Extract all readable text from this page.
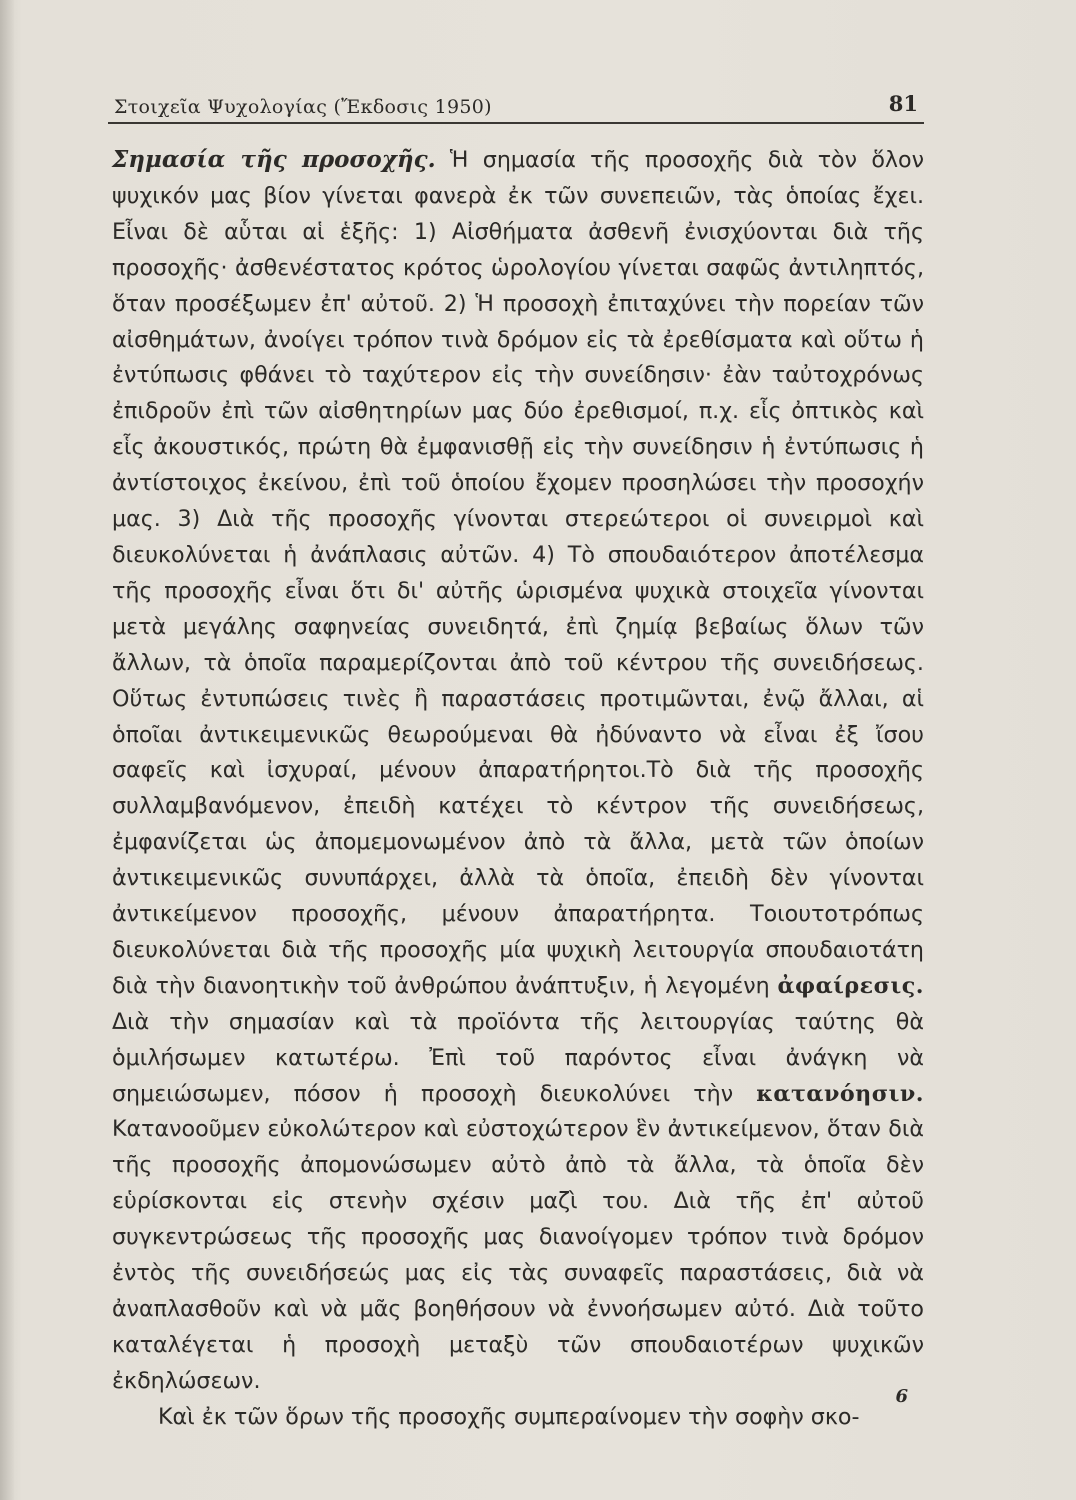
Στοιχεῖα Ψυχολογίας (Ἔκδοσις 1950)	81

Σημασία τῆς προσοχῆς. Ἡ σημασία τῆς προσοχῆς διὰ τὸν ὅλον ψυχικόν μας βίον γίνεται φανερὰ ἐκ τῶν συνεπειῶν, τὰς ὁποίας ἔχει. Εἶναι δὲ αὗται αἱ ἑξῆς: 1) Αἰσθήματα ἀσθενῆ ἐνισχύονται διὰ τῆς προσοχῆς· ἀσθενέστατος κρότος ὡρολογίου γίνεται σαφῶς ἀντιληπτός, ὅταν προσέξωμεν ἐπ' αὐτοῦ. 2) Ἡ προσοχὴ ἐπιταχύνει τὴν πορείαν τῶν αἰσθημάτων, ἀνοίγει τρόπον τινὰ δρόμον εἰς τὰ ἐρεθίσματα καὶ οὕτω ἡ ἐντύπωσις φθάνει τὸ ταχύτερον εἰς τὴν συνείδησιν· ἐὰν ταὐτοχρόνως ἐπιδροῦν ἐπὶ τῶν αἰσθητηρίων μας δύο ἐρεθισμοί, π.χ. εἷς ὀπτικὸς καὶ εἷς ἀκουστικός, πρώτη θὰ ἐμφανισθῇ εἰς τὴν συνείδησιν ἡ ἐντύπωσις ἡ ἀντίστοιχος ἐκείνου, ἐπὶ τοῦ ὁποίου ἔχομεν προσηλώσει τὴν προσοχήν μας. 3) Διὰ τῆς προσοχῆς γίνονται στερεώτεροι οἱ συνειρμοὶ καὶ διευκολύνεται ἡ ἀνάπλασις αὐτῶν. 4) Τὸ σπουδαιότερον ἀποτέλεσμα τῆς προσοχῆς εἶναι ὅτι δι' αὐτῆς ὡρισμένα ψυχικὰ στοιχεῖα γίνονται μετὰ μεγάλης σαφηνείας συνειδητά, ἐπὶ ζημίᾳ βεβαίως ὅλων τῶν ἄλλων, τὰ ὁποῖα παραμερίζονται ἀπὸ τοῦ κέντρου τῆς συνειδήσεως. Οὕτως ἐντυπώσεις τινὲς ἢ παραστάσεις προτιμῶνται, ἐνῷ ἄλλαι, αἱ ὁποῖαι ἀντικειμενικῶς θεωρούμεναι θὰ ἠδύναντο νὰ εἶναι ἐξ ἴσου σαφεῖς καὶ ἰσχυραί, μένουν ἀπαρατήρητοι.Τὸ διὰ τῆς προσοχῆς συλλαμβανόμενον, ἐπειδὴ κατέχει τὸ κέντρον τῆς συνειδήσεως, ἐμφανίζεται ὡς ἀπομεμονωμένον ἀπὸ τὰ ἄλλα, μετὰ τῶν ὁποίων ἀντικειμενικῶς συνυπάρχει, ἀλλὰ τὰ ὁποῖα, ἐπειδὴ δὲν γίνονται ἀντικείμενον προσοχῆς, μένουν ἀπαρατήρητα. Τοιουτοτρόπως διευκολύνεται διὰ τῆς προσοχῆς μία ψυχικὴ λειτουργία σπουδαιοτάτη διὰ τὴν διανοητικὴν τοῦ ἀνθρώπου ἀνάπτυξιν, ἡ λεγομένη ἀφαίρεσις. Διὰ τὴν σημασίαν καὶ τὰ προϊόντα τῆς λειτουργίας ταύτης θὰ ὁμιλήσωμεν κατωτέρω. Ἐπὶ τοῦ παρόντος εἶναι ἀνάγκη νὰ σημειώσωμεν, πόσον ἡ προσοχὴ διευκολύνει τὴν κατανόησιν. Κατανοοῦμεν εὐκολώτερον καὶ εὐστοχώτερον ἓν ἀντικείμενον, ὅταν διὰ τῆς προσοχῆς ἀπομονώσωμεν αὐτὸ ἀπὸ τὰ ἄλλα, τὰ ὁποῖα δὲν εὑρίσκονται εἰς στενὴν σχέσιν μαζὶ του. Διὰ τῆς ἐπ' αὐτοῦ συγκεντρώσεως τῆς προσοχῆς μας διανοίγομεν τρόπον τινὰ δρόμον ἐντὸς τῆς συνειδήσεώς μας εἰς τὰς συναφεῖς παραστάσεις, διὰ νὰ ἀναπλασθοῦν καὶ νὰ μᾶς βοηθήσουν νὰ ἐννοήσωμεν αὐτό. Διὰ τοῦτο καταλέγεται ἡ προσοχὴ μεταξὺ τῶν σπουδαιοτέρων ψυχικῶν ἐκδηλώσεων.

Καὶ ἐκ τῶν ὅρων τῆς προσοχῆς συμπεραίνομεν τὴν σοφὴν σκο-

6
